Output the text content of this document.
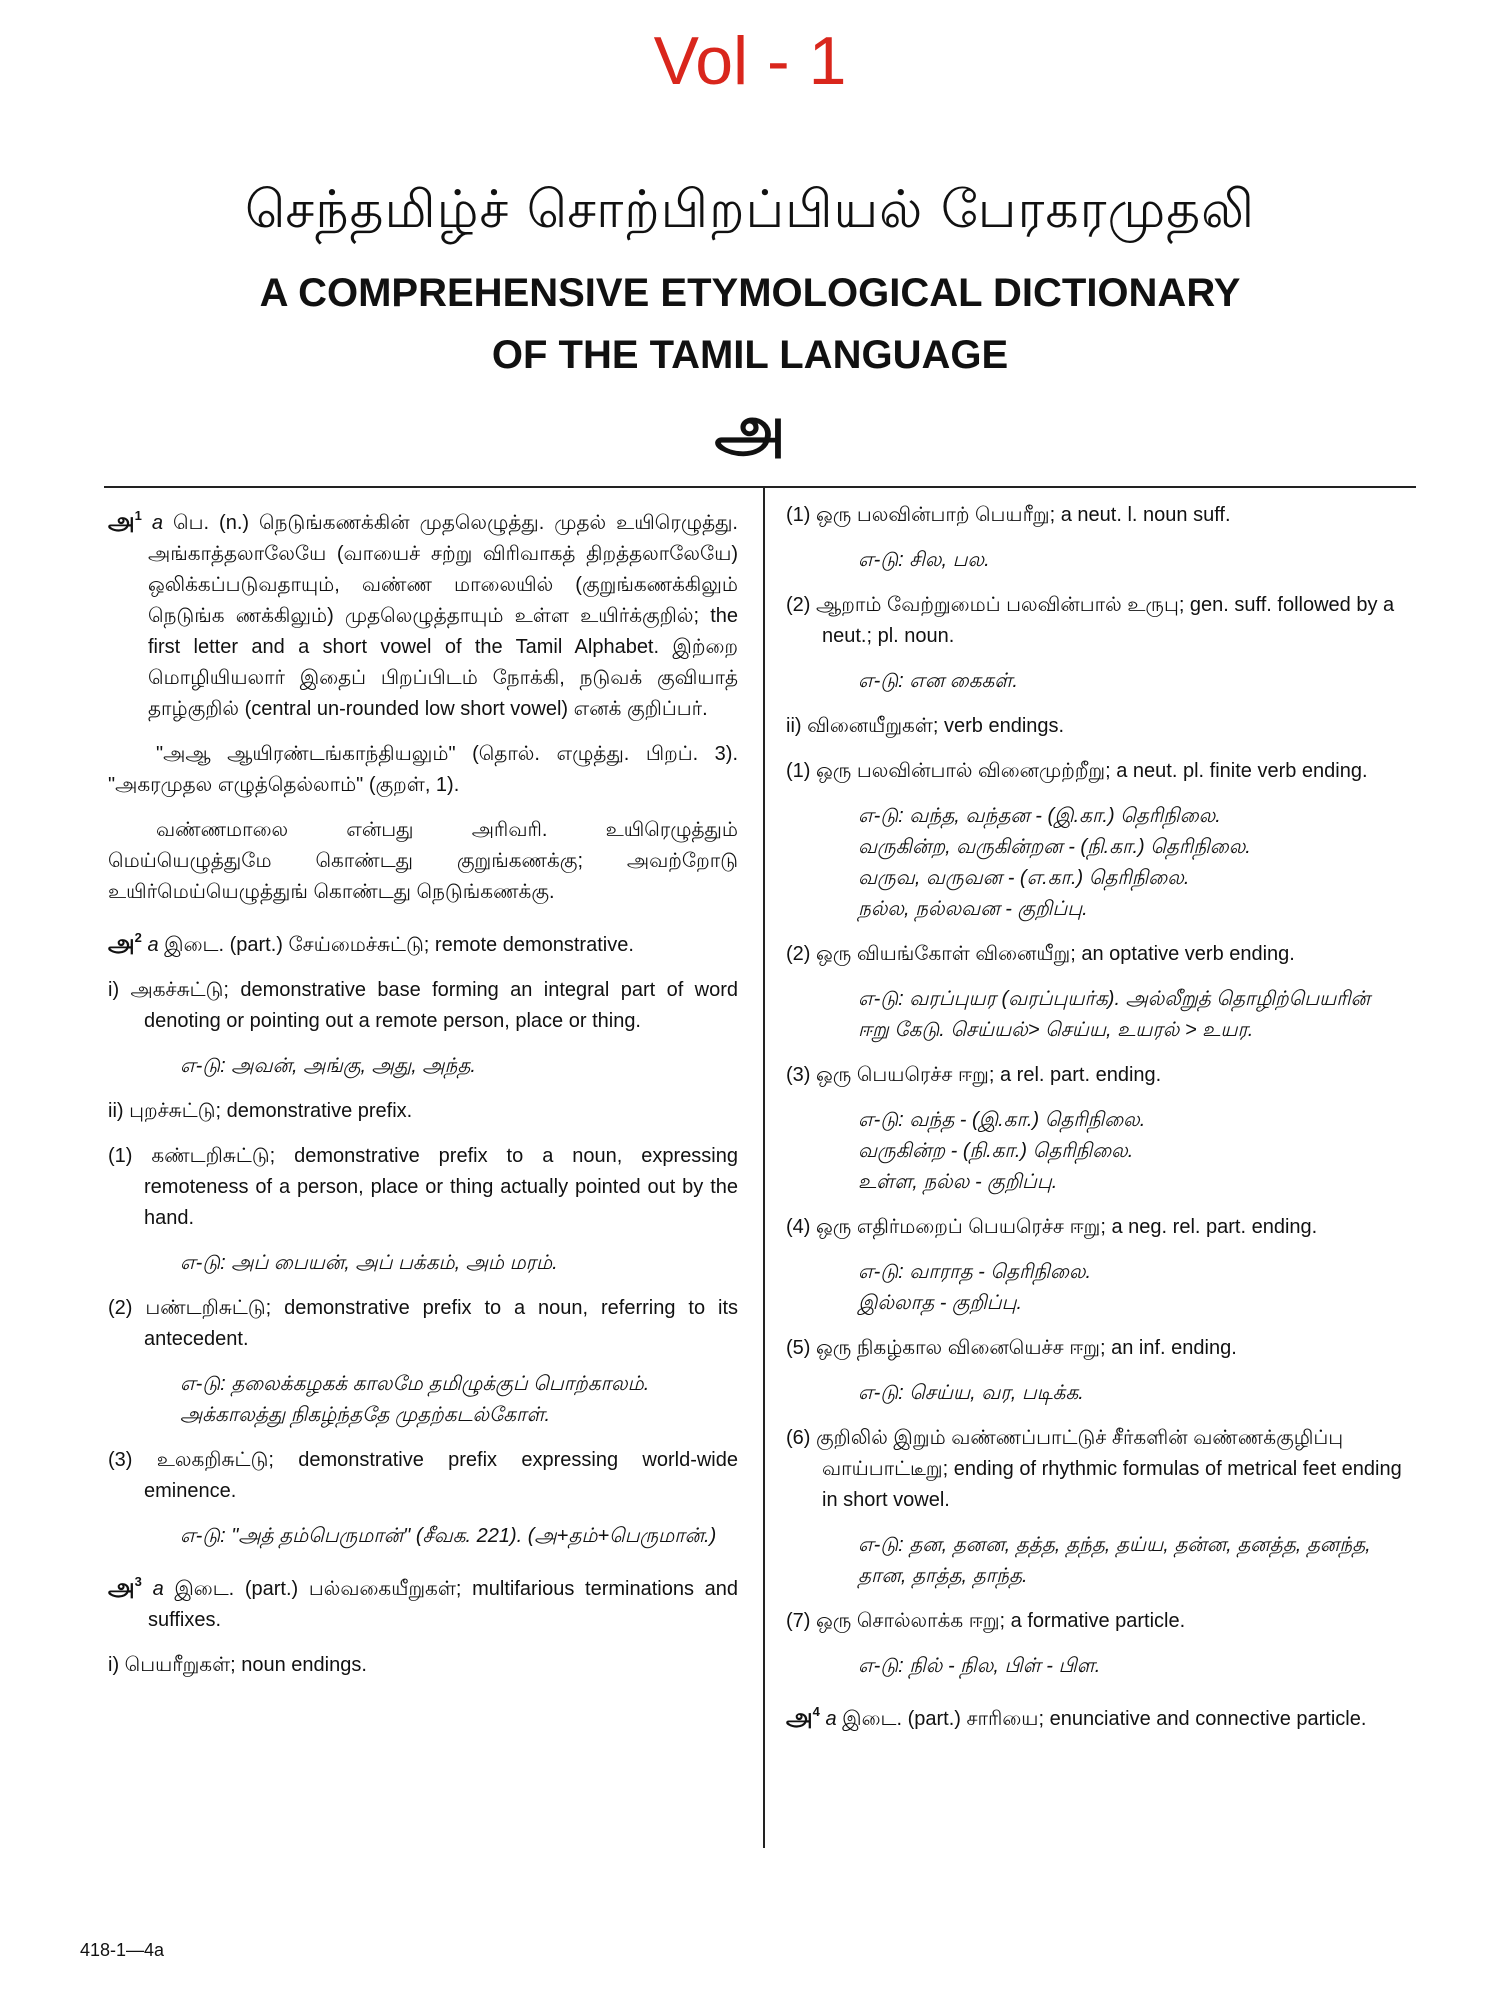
Vol - 1
செந்தமிழ்ச் சொற்பிறப்பியல் பேரகரமுதலி
A COMPREHENSIVE ETYMOLOGICAL DICTIONARY
OF THE TAMIL LANGUAGE
அ

அ$^1$ a பெ. (n.) நெடுங்கணக்கின் முதலெழுத்து. முதல் உயிரெழுத்து. அங்காத்தலாலேயே (வாயைச் சற்று விரிவாகத் திறத்தலாலேயே) ஒலிக்கப்படுவதாயும், வண்ண மாலையில் (குறுங்கணக்கிலும் நெடுங்க ணக்கிலும்) முதலெழுத்தாயும் உள்ள உயிர்க்குறில்; the first letter and a short vowel of the Tamil Alphabet. இற்றை மொழியியலார் இதைப் பிறப்பிடம் நோக்கி, நடுவக் குவியாத் தாழ்குறில் (central un-rounded low short vowel) எனக் குறிப்பர்.

"அஆ ஆயிரண்டங்காந்தியலும்" (தொல். எழுத்து. பிறப். 3). "அகரமுதல எழுத்தெல்லாம்" (குறள், 1).

வண்ணமாலை என்பது அரிவரி. உயிரெழுத்தும் மெய்யெழுத்துமே கொண்டது குறுங்கணக்கு; அவற்றோடு உயிர்மெய்யெழுத்துங் கொண்டது நெடுங்கணக்கு.

அ$^2$ a இடை. (part.) சேய்மைச்சுட்டு; remote demonstrative.

i) அகச்சுட்டு; demonstrative base forming an integral part of word denoting or pointing out a remote person, place or thing.

எ-டு: அவன், அங்கு, அது, அந்த.

ii) புறச்சுட்டு; demonstrative prefix.

(1) கண்டறிசுட்டு; demonstrative prefix to a noun, expressing remoteness of a person, place or thing actually pointed out by the hand.

எ-டு: அப் பையன், அப் பக்கம், அம் மரம்.

(2) பண்டறிசுட்டு; demonstrative prefix to a noun, referring to its antecedent.

எ-டு: தலைக்கழகக் காலமே தமிழுக்குப் பொற்காலம். அக்காலத்து நிகழ்ந்ததே முதற்கடல்கோள்.

(3) உலகறிசுட்டு; demonstrative prefix expressing world-wide eminence.

எ-டு: "அத் தம்பெருமான்" (சீவக. 221). (அ+தம்+பெருமான்.)

அ$^3$ a இடை. (part.) பல்வகையீறுகள்; multifarious terminations and suffixes.

i) பெயரீறுகள்; noun endings.

(1) ஒரு பலவின்பாற் பெயரீறு; a neut. l. noun suff.

எ-டு: சில, பல.

(2) ஆறாம் வேற்றுமைப் பலவின்பால் உருபு; gen. suff. followed by a neut.; pl. noun.

எ-டு: என கைகள்.

ii) வினையீறுகள்; verb endings.

(1) ஒரு பலவின்பால் வினைமுற்றீறு; a neut. pl. finite verb ending.

எ-டு: வந்த, வந்தன - (இ.கா.) தெரிநிலை.
வருகின்ற, வருகின்றன - (நி.கா.) தெரிநிலை.
வருவ, வருவன - (எ.கா.) தெரிநிலை.
நல்ல, நல்லவன - குறிப்பு.

(2) ஒரு வியங்கோள் வினையீறு; an optative verb ending.

எ-டு: வரப்புயர (வரப்புயர்க). அல்லீறுத் தொழிற்பெயரின் ஈறு கேடு. செய்யல்> செய்ய, உயரல் > உயர.

(3) ஒரு பெயரெச்ச ஈறு; a rel. part. ending.

எ-டு: வந்த - (இ.கா.) தெரிநிலை.
வருகின்ற - (நி.கா.) தெரிநிலை.
உள்ள, நல்ல - குறிப்பு.

(4) ஒரு எதிர்மறைப் பெயரெச்ச ஈறு; a neg. rel. part. ending.

எ-டு: வாராத - தெரிநிலை.
இல்லாத - குறிப்பு.

(5) ஒரு நிகழ்கால வினையெச்ச ஈறு; an inf. ending.

எ-டு: செய்ய, வர, படிக்க.

(6) குறிலில் இறும் வண்ணப்பாட்டுச் சீர்களின் வண்ணக்குழிப்பு வாய்பாட்டீறு; ending of rhythmic formulas of metrical feet ending in short vowel.

எ-டு: தன, தனன, தத்த, தந்த, தய்ய, தன்ன, தனத்த, தனந்த, தான, தாத்த, தாந்த.

(7) ஒரு சொல்லாக்க ஈறு; a formative particle.

எ-டு: நில் - நில, பிள் - பிள.

அ$^4$ a இடை. (part.) சாரியை; enunciative and connective particle.

418-1—4a
